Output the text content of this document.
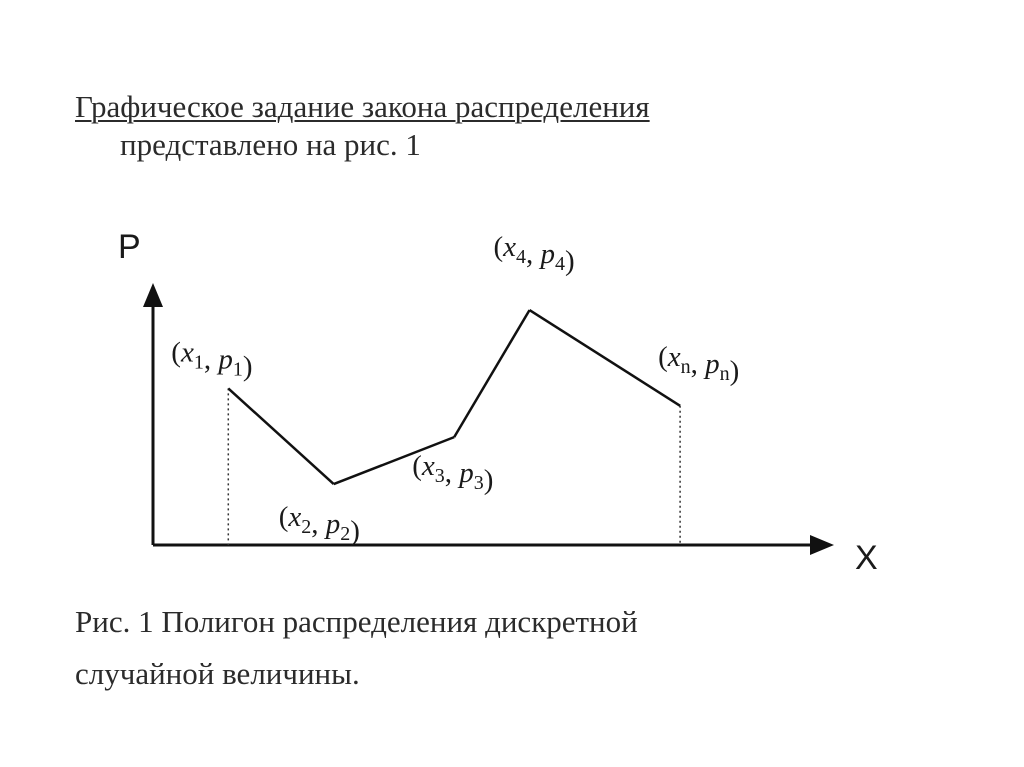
Графическое задание закона распределения
представлено на рис. 1
P
X
($x_1$, $p_1$)
($x_2$, $p_2$)
($x_3$, $p_3$)
($x_4$, $p_4$)
($x_n$, $p_n$)
Рис. 1 Полигон распределения дискретной
случайной величины.
